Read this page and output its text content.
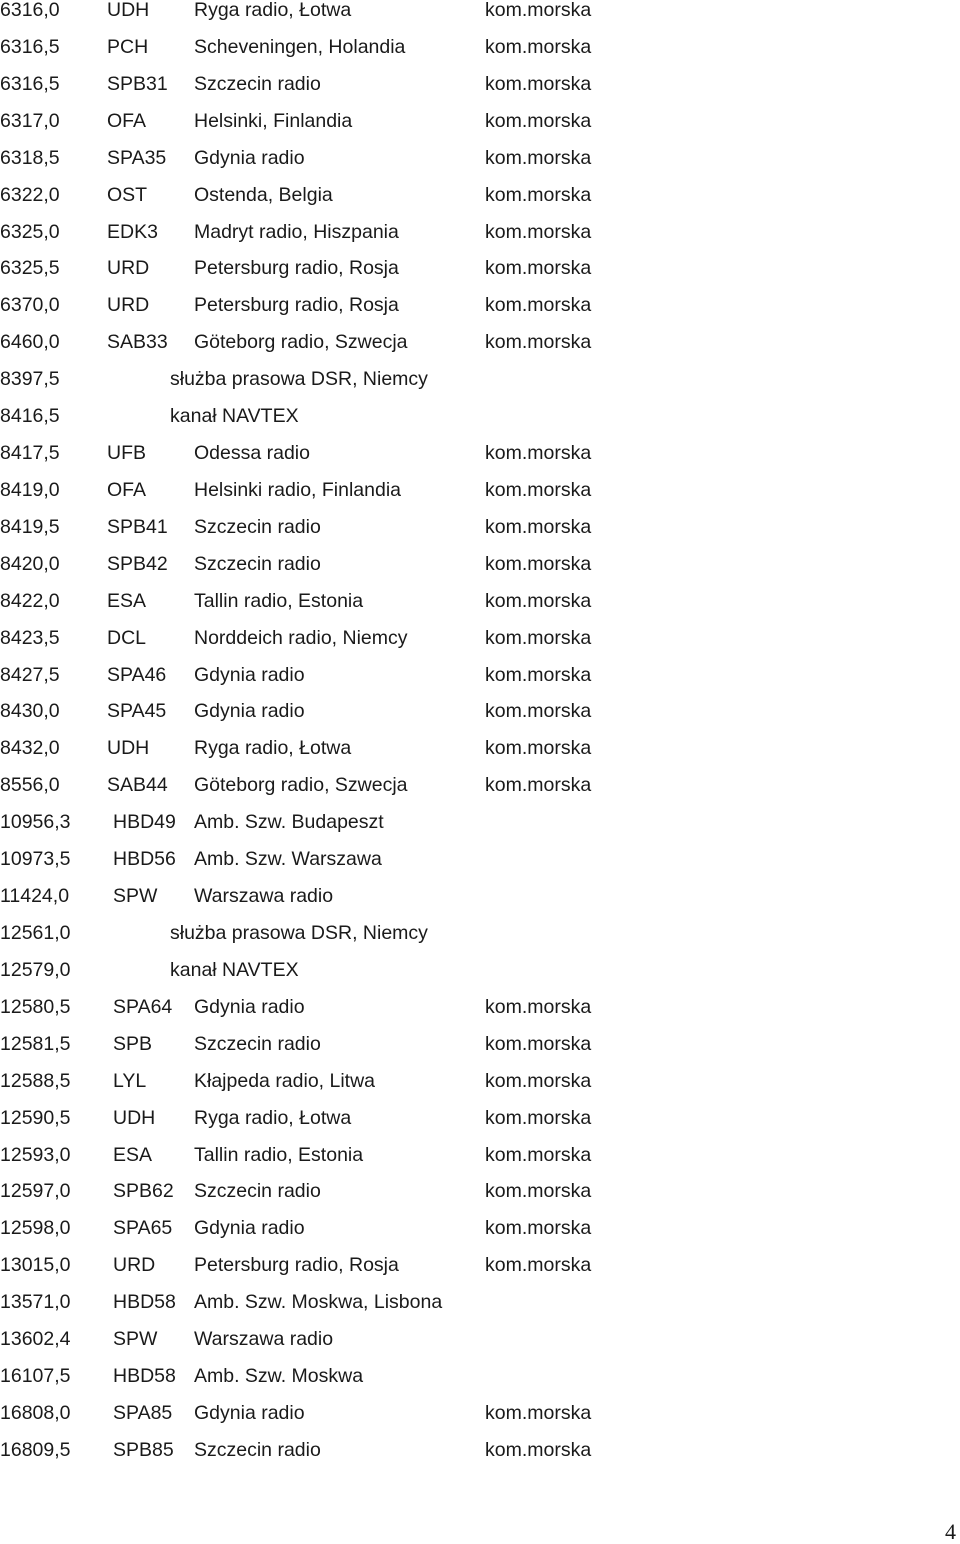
6316,0 UDH Ryga radio, Łotwa	kom.morska
6316,5 PCH Scheveningen, Holandia	kom.morska
6316,5 SPB31 Szczecin radio	kom.morska
6317,0 OFA Helsinki, Finlandia	kom.morska
6318,5 SPA35 Gdynia radio	kom.morska
6322,0 OST Ostenda, Belgia	kom.morska
6325,0 EDK3 Madryt radio, Hiszpania	kom.morska
6325,5 URD Petersburg radio, Rosja	kom.morska
6370,0 URD Petersburg radio, Rosja	kom.morska
6460,0 SAB33 Göteborg radio, Szwecja	kom.morska
8397,5	służba prasowa DSR, Niemcy
8416,5	kanał NAVTEX
8417,5 UFB Odessa radio	kom.morska
8419,0 OFA Helsinki radio, Finlandia	kom.morska
8419,5 SPB41 Szczecin radio	kom.morska
8420,0 SPB42 Szczecin radio	kom.morska
8422,0 ESA Tallin radio, Estonia	kom.morska
8423,5 DCL Norddeich radio, Niemcy	kom.morska
8427,5 SPA46 Gdynia radio	kom.morska
8430,0 SPA45 Gdynia radio	kom.morska
8432,0 UDH Ryga radio, Łotwa	kom.morska
8556,0 SAB44 Göteborg radio, Szwecja	kom.morska
10956,3 HBD49 Amb. Szw. Budapeszt
10973,5 HBD56 Amb. Szw. Warszawa
11424,0 SPW Warszawa radio
12561,0	służba prasowa DSR, Niemcy
12579,0	kanał NAVTEX
12580,5 SPA64 Gdynia radio	kom.morska
12581,5 SPB Szczecin radio	kom.morska
12588,5 LYL Kłajpeda radio, Litwa	kom.morska
12590,5 UDH Ryga radio, Łotwa	kom.morska
12593,0 ESA Tallin radio, Estonia	kom.morska
12597,0 SPB62 Szczecin radio	kom.morska
12598,0 SPA65 Gdynia radio	kom.morska
13015,0 URD Petersburg radio, Rosja	kom.morska
13571,0 HBD58 Amb. Szw. Moskwa, Lisbona
13602,4 SPW Warszawa radio
16107,5 HBD58 Amb. Szw. Moskwa
16808,0 SPA85 Gdynia radio	kom.morska
16809,5 SPB85 Szczecin radio	kom.morska
4
